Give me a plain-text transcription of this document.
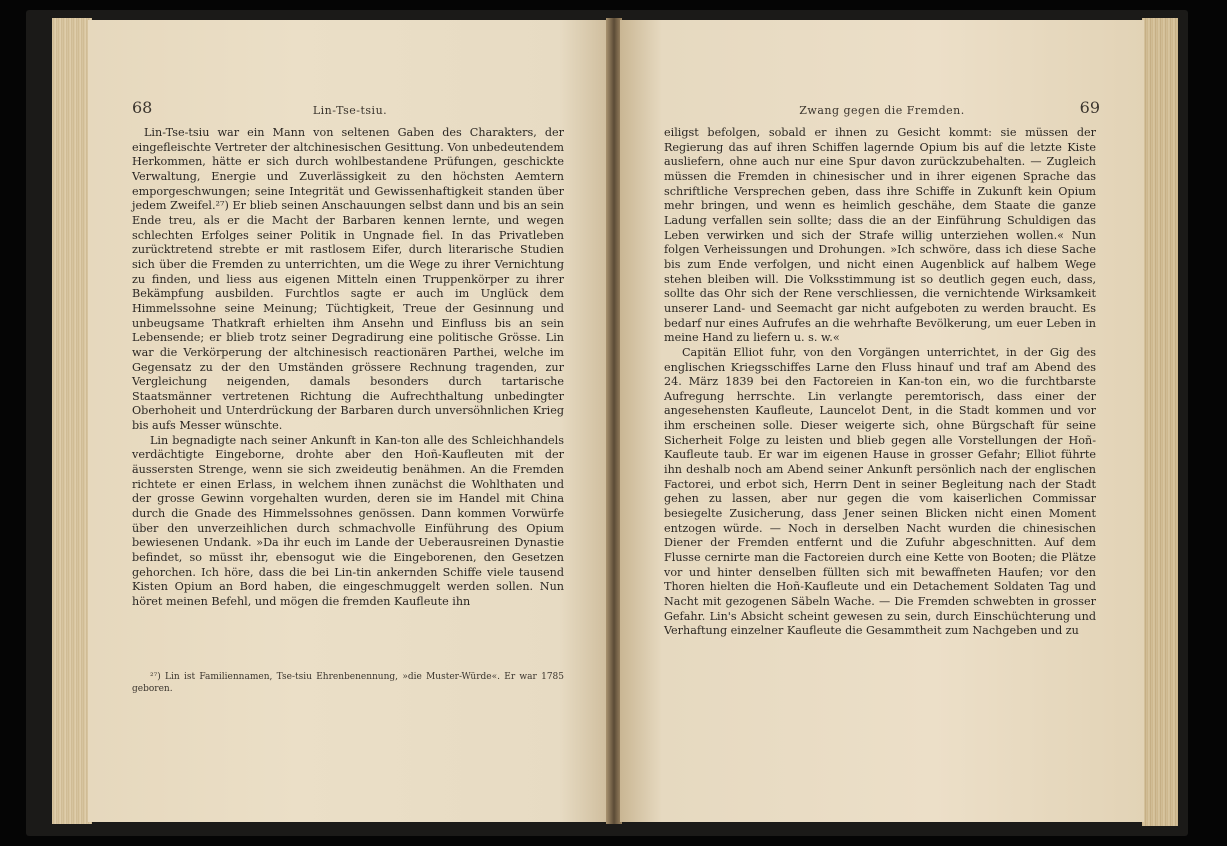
68	Lin-Tse-tsiu.

Lin-Tse-tsiu war ein Mann von seltenen Gaben des Charakters, der eingefleischte Vertreter der altchinesischen Gesittung. Von unbedeutendem Herkommen, hätte er sich durch wohlbestandene Prüfungen, geschickte Verwaltung, Energie und Zuverlässigkeit zu den höchsten Aemtern emporgeschwungen; seine Integrität und Gewissenhaftigkeit standen über jedem Zweifel.²⁷) Er blieb seinen Anschauungen selbst dann und bis an sein Ende treu, als er die Macht der Barbaren kennen lernte, und wegen schlechten Erfolges seiner Politik in Ungnade fiel. In das Privatleben zurücktretend strebte er mit rastlosem Eifer, durch literarische Studien sich über die Fremden zu unterrichten, um die Wege zu ihrer Vernichtung zu finden, und liess aus eigenen Mitteln einen Truppenkörper zu ihrer Bekämpfung ausbilden. Furchtlos sagte er auch im Unglück dem Himmelssohne seine Meinung; Tüchtigkeit, Treue der Gesinnung und unbeugsame Thatkraft erhielten ihm Ansehn und Einfluss bis an sein Lebensende; er blieb trotz seiner Degradirung eine politische Grösse. Lin war die Verkörperung der altchinesisch reactionären Parthei, welche im Gegensatz zu der den Umständen grössere Rechnung tragenden, zur Vergleichung neigenden, damals besonders durch tartarische Staatsmänner vertretenen Richtung die Aufrechthaltung unbedingter Oberhoheit und Unterdrückung der Barbaren durch unversöhnlichen Krieg bis aufs Messer wünschte.

Lin begnadigte nach seiner Ankunft in Kan-ton alle des Schleichhandels verdächtigte Eingeborne, drohte aber den Hoñ-Kaufleuten mit der äussersten Strenge, wenn sie sich zweideutig benähmen. An die Fremden richtete er einen Erlass, in welchem ihnen zunächst die Wohlthaten und der grosse Gewinn vorgehalten wurden, deren sie im Handel mit China durch die Gnade des Himmelssohnes genössen. Dann kommen Vorwürfe über den unverzeihlichen durch schmachvolle Einführung des Opium bewiesenen Undank. »Da ihr euch im Lande der Ueberausreinen Dynastie befindet, so müsst ihr, ebensogut wie die Eingeborenen, den Gesetzen gehorchen. Ich höre, dass die bei Lin-tin ankernden Schiffe viele tausend Kisten Opium an Bord haben, die eingeschmuggelt werden sollen. Nun höret meinen Befehl, und mögen die fremden Kaufleute ihn

²⁷) Lin ist Familiennamen, Tse-tsiu Ehrenbenennung, »die Muster-Würde«. Er war 1785 geboren.

Zwang gegen die Fremden.	69

eiligst befolgen, sobald er ihnen zu Gesicht kommt: sie müssen der Regierung das auf ihren Schiffen lagernde Opium bis auf die letzte Kiste ausliefern, ohne auch nur eine Spur davon zurückzubehalten. — Zugleich müssen die Fremden in chinesischer und in ihrer eigenen Sprache das schriftliche Versprechen geben, dass ihre Schiffe in Zukunft kein Opium mehr bringen, und wenn es heimlich geschähe, dem Staate die ganze Ladung verfallen sein sollte; dass die an der Einführung Schuldigen das Leben verwirken und sich der Strafe willig unterziehen wollen.« Nun folgen Verheissungen und Drohungen. »Ich schwöre, dass ich diese Sache bis zum Ende verfolgen, und nicht einen Augenblick auf halbem Wege stehen bleiben will. Die Volksstimmung ist so deutlich gegen euch, dass, sollte das Ohr sich der Rene verschliessen, die vernichtende Wirksamkeit unserer Land- und Seemacht gar nicht aufgeboten zu werden braucht. Es bedarf nur eines Aufrufes an die wehrhafte Bevölkerung, um euer Leben in meine Hand zu liefern u. s. w.«

Capitän Elliot fuhr, von den Vorgängen unterrichtet, in der Gig des englischen Kriegsschiffes Larne den Fluss hinauf und traf am Abend des 24. März 1839 bei den Factoreien in Kan-ton ein, wo die furchtbarste Aufregung herrschte. Lin verlangte peremtorisch, dass einer der angesehensten Kaufleute, Launcelot Dent, in die Stadt kommen und vor ihm erscheinen solle. Dieser weigerte sich, ohne Bürgschaft für seine Sicherheit Folge zu leisten und blieb gegen alle Vorstellungen der Hoñ-Kaufleute taub. Er war im eigenen Hause in grosser Gefahr; Elliot führte ihn deshalb noch am Abend seiner Ankunft persönlich nach der englischen Factorei, und erbot sich, Herrn Dent in seiner Begleitung nach der Stadt gehen zu lassen, aber nur gegen die vom kaiserlichen Commissar besiegelte Zusicherung, dass Jener seinen Blicken nicht einen Moment entzogen würde. — Noch in derselben Nacht wurden die chinesischen Diener der Fremden entfernt und die Zufuhr abgeschnitten. Auf dem Flusse cernirte man die Factoreien durch eine Kette von Booten; die Plätze vor und hinter denselben füllten sich mit bewaffneten Haufen; vor den Thoren hielten die Hoñ-Kaufleute und ein Detachement Soldaten Tag und Nacht mit gezogenen Säbeln Wache. — Die Fremden schwebten in grosser Gefahr. Lin's Absicht scheint gewesen zu sein, durch Einschüchterung und Verhaftung einzelner Kaufleute die Gesammtheit zum Nachgeben und zu
